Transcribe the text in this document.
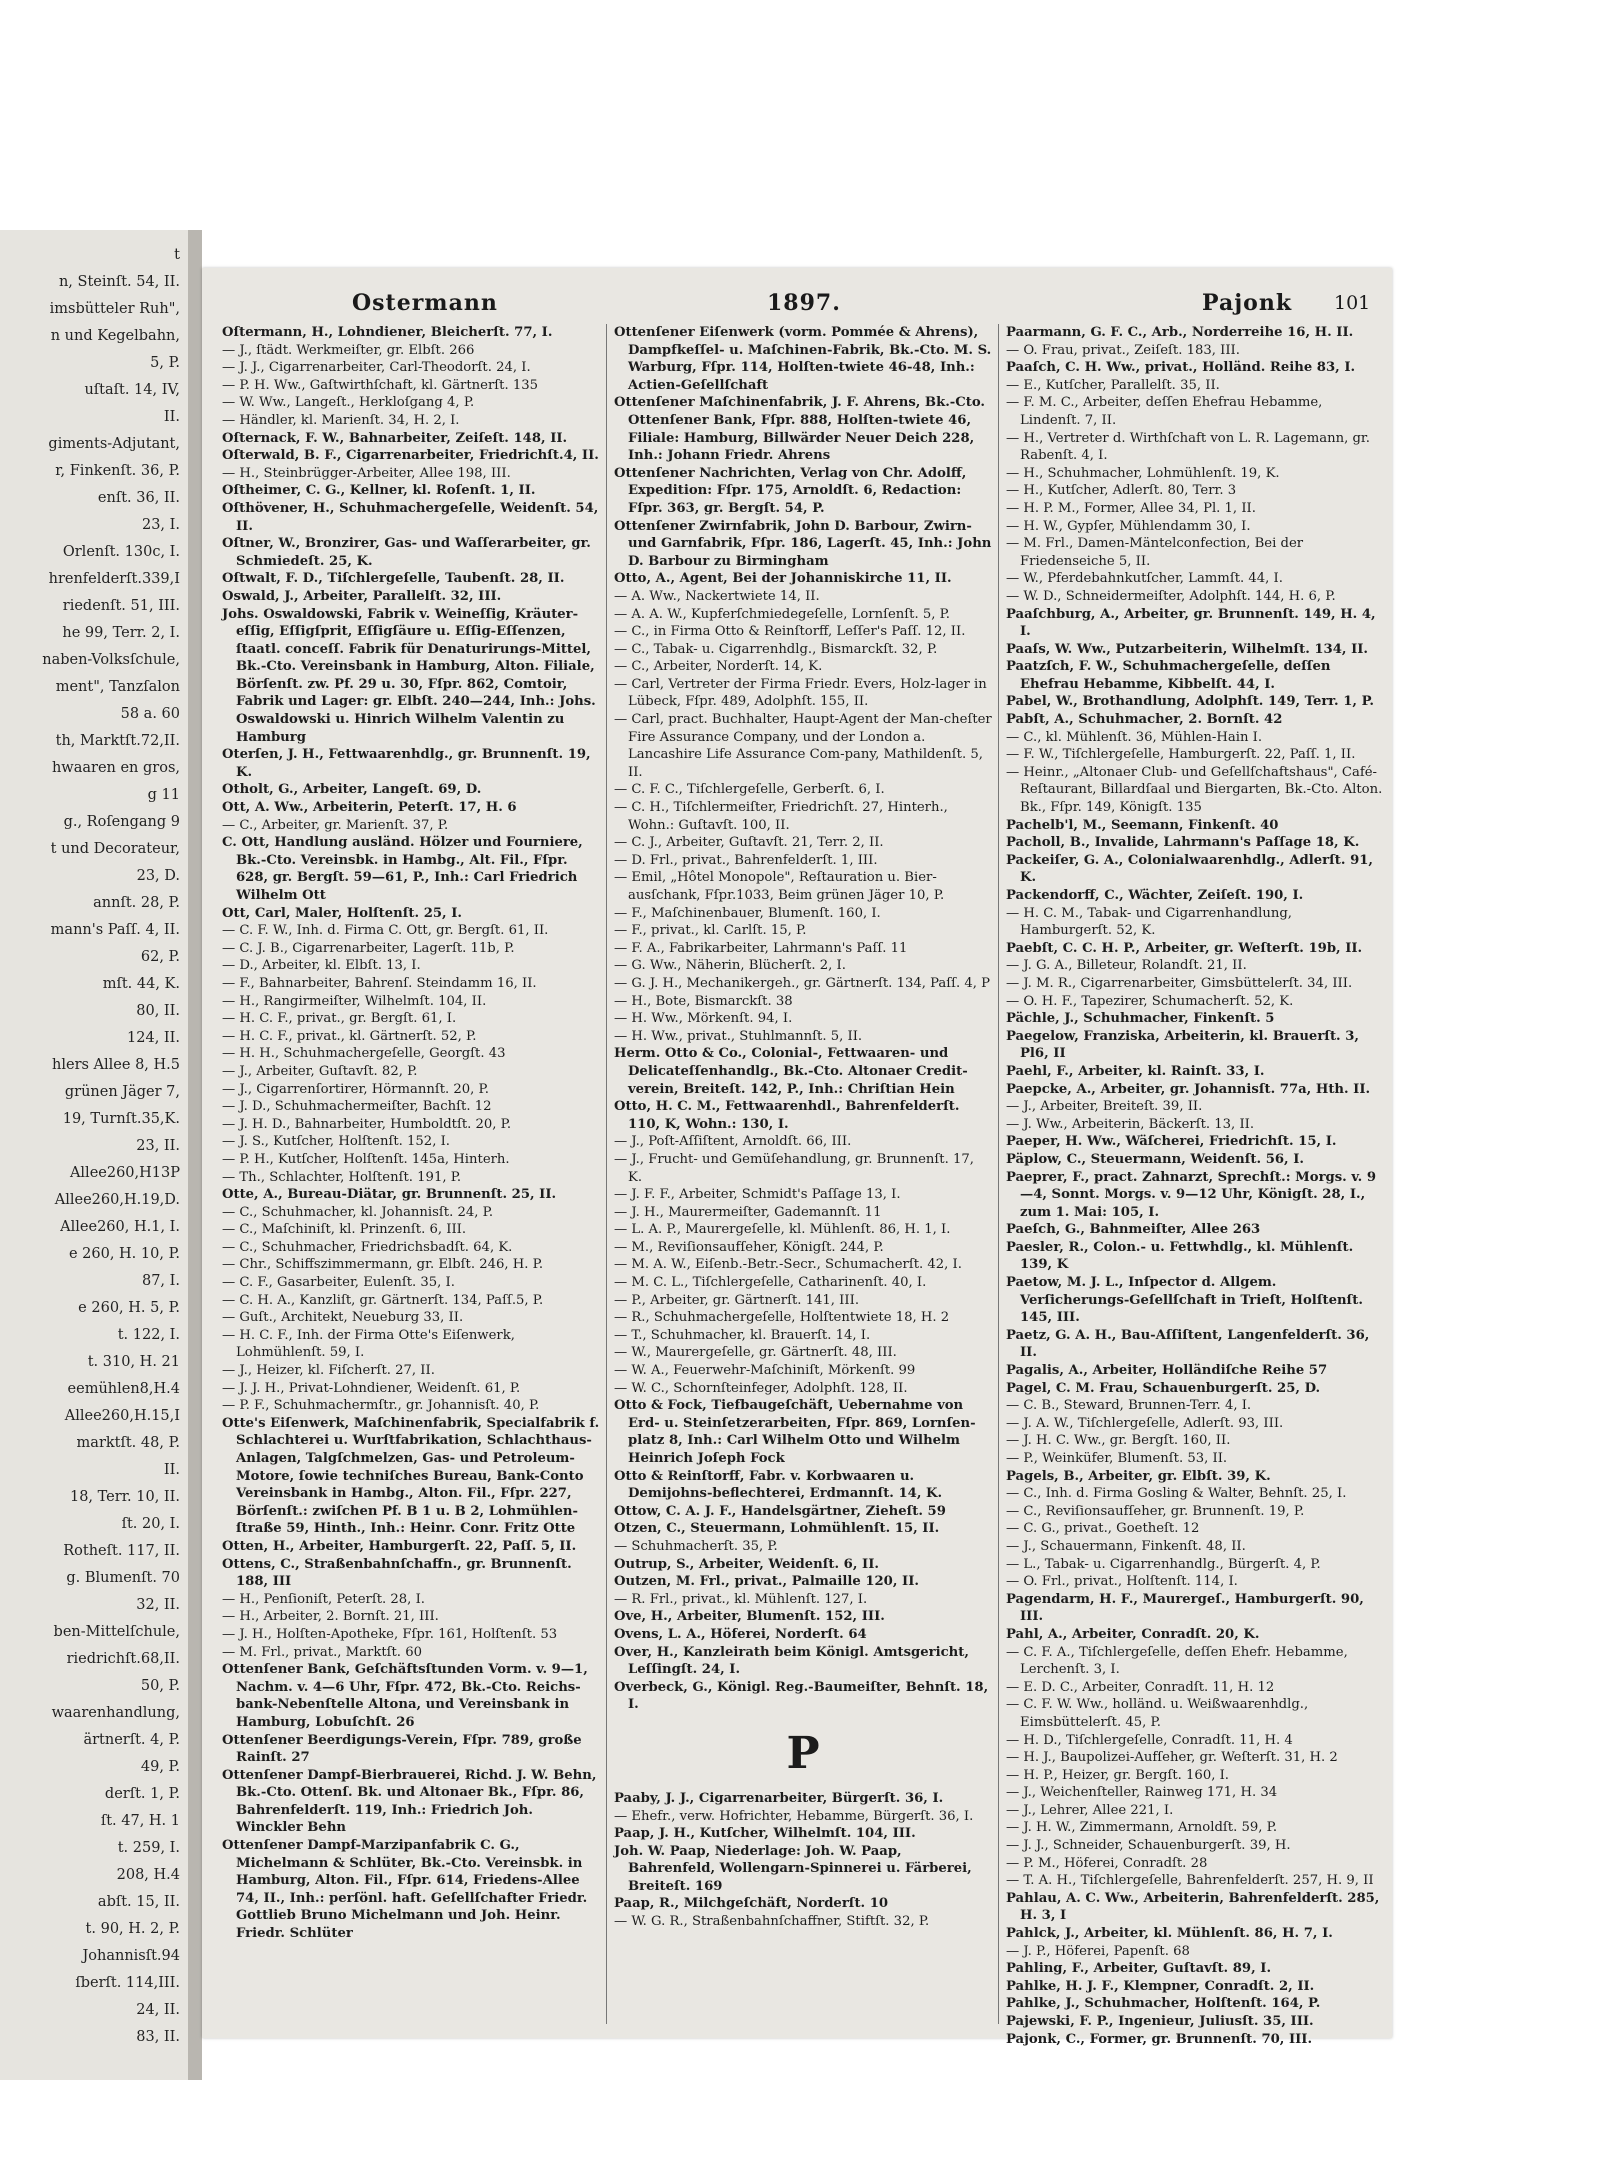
t
n, Steinſt. 54, II.
imsbütteler Ruh",
n und Kegelbahn,
5, P.
uſtaſt. 14, IV,
II.
giments-Adjutant,
r, Finkenſt. 36, P.
enſt. 36, II.
23, I.
Orlenſt. 130c, I.
hrenfelderſt.339,I
riedenſt. 51, III.
he 99, Terr. 2, I.
naben-Volksſchule,
ment", Tanzſalon
58 a. 60
th, Marktſt.72,II.
hwaaren en gros,
g 11
g., Roſengang 9
t und Decorateur,
23, D.
annſt. 28, P.
mann's Paſſ. 4, II.
62, P.
mſt. 44, K.
80, II.
124, II.
hlers Allee 8, H.5
grünen Jäger 7,
19, Turnſt.35,K.
23, II.
Allee260,H13P
Allee260,H.19,D.
Allee260, H.1, I.
e 260, H. 10, P.
87, I.
e 260, H. 5, P.
t. 122, I.
t. 310, H. 21
eemühlen8,H.4
Allee260,H.15,I
marktſt. 48, P.
II.
18, Terr. 10, II.
ſt. 20, I.
Rotheſt. 117, II.
g. Blumenſt. 70
32, II.
ben-Mittelſchule,
riedrichſt.68,II.
50, P.
waarenhandlung,
ärtnerſt. 4, P.
49, P.
derſt. 1, P.
ſt. 47, H. 1
t. 259, I.
208, H.4
abſt. 15, II.
t. 90, H. 2, P.
Johannisſt.94
ſberſt. 114,III.
24, II.
83, II.
Ostermann	1897.	Pajonk 101

Oſtermann, H., Lohndiener, Bleicherſt. 77, I.

— J., ſtädt. Werkmeiſter, gr. Elbſt. 266

— J. J., Cigarrenarbeiter, Carl-Theodorſt. 24, I.

— P. H. Ww., Gaſtwirthſchaft, kl. Gärtnerſt. 135

— W. Ww., Langeſt., Herkloſgang 4, P.

— Händler, kl. Marienſt. 34, H. 2, I.

Oſternack, F. W., Bahnarbeiter, Zeiſeſt. 148, II.

Oſterwald, B. F., Cigarrenarbeiter, Friedrichſt.4, II.

— H., Steinbrügger-Arbeiter, Allee 198, III.

Oſtheimer, C. G., Kellner, kl. Roſenſt. 1, II.

Oſthövener, H., Schuhmachergeſelle, Weidenſt. 54, II.

Oſtner, W., Bronzirer, Gas- und Waſſerarbeiter, gr. Schmiedeſt. 25, K.

Oſtwalt, F. D., Tiſchlergeſelle, Taubenſt. 28, II.

Oswald, J., Arbeiter, Parallelſt. 32, III.

Johs. Oswaldowski, Fabrik v. Weineſſig, Kräuter-eſſig, Eſſigſprit, Eſſigſäure u. Eſſig-Eſſenzen, ſtaatl. conceſſ. Fabrik für Denaturirungs-Mittel, Bk.-Cto. Vereinsbank in Hamburg, Alton. Filiale, Börſenſt. zw. Pf. 29 u. 30, Fſpr. 862, Comtoir, Fabrik und Lager: gr. Elbſt. 240—244, Inh.: Johs. Oswaldowski u. Hinrich Wilhelm Valentin zu Hamburg

Oterſen, J. H., Fettwaarenhdlg., gr. Brunnenſt. 19, K.

Otholt, G., Arbeiter, Langeſt. 69, D.

Ott, A. Ww., Arbeiterin, Peterſt. 17, H. 6

— C., Arbeiter, gr. Marienſt. 37, P.

C. Ott, Handlung ausländ. Hölzer und Fourniere, Bk.-Cto. Vereinsbk. in Hambg., Alt. Fil., Fſpr. 628, gr. Bergſt. 59—61, P., Inh.: Carl Friedrich Wilhelm Ott

Ott, Carl, Maler, Holſtenſt. 25, I.

— C. F. W., Inh. d. Firma C. Ott, gr. Bergſt. 61, II.

— C. J. B., Cigarrenarbeiter, Lagerſt. 11b, P.

— D., Arbeiter, kl. Elbſt. 13, I.

— F., Bahnarbeiter, Bahrenſ. Steindamm 16, II.

— H., Rangirmeiſter, Wilhelmſt. 104, II.

— H. C. F., privat., gr. Bergſt. 61, I.

— H. C. F., privat., kl. Gärtnerſt. 52, P.

— H. H., Schuhmachergeſelle, Georgſt. 43

— J., Arbeiter, Guſtavſt. 82, P.

— J., Cigarrenſortirer, Hörmannſt. 20, P.

— J. D., Schuhmachermeiſter, Bachſt. 12

— J. H. D., Bahnarbeiter, Humboldtſt. 20, P.

— J. S., Kutſcher, Holſtenſt. 152, I.

— P. H., Kutſcher, Holſtenſt. 145a, Hinterh.

— Th., Schlachter, Holſtenſt. 191, P.

Otte, A., Bureau-Diätar, gr. Brunnenſt. 25, II.

— C., Schuhmacher, kl. Johannisſt. 24, P.

— C., Maſchiniſt, kl. Prinzenſt. 6, III.

— C., Schuhmacher, Friedrichsbadſt. 64, K.

— Chr., Schiffszimmermann, gr. Elbſt. 246, H. P.

— C. F., Gasarbeiter, Eulenſt. 35, I.

— C. H. A., Kanzliſt, gr. Gärtnerſt. 134, Paſſ.5, P.

— Guſt., Architekt, Neueburg 33, II.

— H. C. F., Inh. der Firma Otte's Eiſenwerk, Lohmühlenſt. 59, I.

— J., Heizer, kl. Fiſcherſt. 27, II.

— J. J. H., Privat-Lohndiener, Weidenſt. 61, P.

— P. F., Schuhmachermſtr., gr. Johannisſt. 40, P.

Otte's Eiſenwerk, Maſchinenfabrik, Specialfabrik f. Schlachterei u. Wurſtfabrikation, Schlachthaus-Anlagen, Talgſchmelzen, Gas- und Petroleum-Motore, ſowie techniſches Bureau, Bank-Conto Vereinsbank in Hambg., Alton. Fil., Fſpr. 227, Börſenſt.: zwiſchen Pf. B 1 u. B 2, Lohmühlen-ſtraße 59, Hinth., Inh.: Heinr. Conr. Fritz Otte

Otten, H., Arbeiter, Hamburgerſt. 22, Paſſ. 5, II.

Ottens, C., Straßenbahnſchaffn., gr. Brunnenſt. 188, III

— H., Penſioniſt, Peterſt. 28, I.

— H., Arbeiter, 2. Bornſt. 21, III.

— J. H., Holſten-Apotheke, Fſpr. 161, Holſtenſt. 53

— M. Frl., privat., Marktſt. 60

Ottenſener Bank, Geſchäftsſtunden Vorm. v. 9—1, Nachm. v. 4—6 Uhr, Fſpr. 472, Bk.-Cto. Reichs-bank-Nebenſtelle Altona, und Vereinsbank in Hamburg, Lobuſchſt. 26

Ottenſener Beerdigungs-Verein, Fſpr. 789, große Rainſt. 27

Ottenſener Dampf-Bierbrauerei, Richd. J. W. Behn, Bk.-Cto. Ottenſ. Bk. und Altonaer Bk., Fſpr. 86, Bahrenfelderſt. 119, Inh.: Friedrich Joh. Winckler Behn

Ottenſener Dampf-Marzipanfabrik C. G., Michelmann & Schlüter, Bk.-Cto. Vereinsbk. in Hamburg, Alton. Fil., Fſpr. 614, Friedens-Allee 74, II., Inh.: perſönl. haft. Geſellſchafter Friedr. Gottlieb Bruno Michelmann und Joh. Heinr. Friedr. Schlüter

Ottenſener Eiſenwerk (vorm. Pommée & Ahrens), Dampfkeſſel- u. Maſchinen-Fabrik, Bk.-Cto. M. S. Warburg, Fſpr. 114, Holſten-twiete 46-48, Inh.: Actien-Geſellſchaft

Ottenſener Maſchinenfabrik, J. F. Ahrens, Bk.-Cto. Ottenſener Bank, Fſpr. 888, Holſten-twiete 46, Filiale: Hamburg, Billwärder Neuer Deich 228, Inh.: Johann Friedr. Ahrens

Ottenſener Nachrichten, Verlag von Chr. Adolff, Expedition: Fſpr. 175, Arnoldſt. 6, Redaction: Fſpr. 363, gr. Bergſt. 54, P.

Ottenſener Zwirnfabrik, John D. Barbour, Zwirn- und Garnfabrik, Fſpr. 186, Lagerſt. 45, Inh.: John D. Barbour zu Birmingham

Otto, A., Agent, Bei der Johanniskirche 11, II.

— A. Ww., Nackertwiete 14, II.

— A. A. W., Kupferſchmiedegeſelle, Lornſenſt. 5, P.

— C., in Firma Otto & Reinſtorff, Leſſer's Paſſ. 12, II.

— C., Tabak- u. Cigarrenhdlg., Bismarckſt. 32, P.

— C., Arbeiter, Norderſt. 14, K.

— Carl, Vertreter der Firma Friedr. Evers, Holz-lager in Lübeck, Fſpr. 489, Adolphſt. 155, II.

— Carl, pract. Buchhalter, Haupt-Agent der Man-cheſter Fire Assurance Company, und der London a. Lancashire Life Assurance Com-pany, Mathildenſt. 5, II.

— C. F. C., Tiſchlergeſelle, Gerberſt. 6, I.

— C. H., Tiſchlermeiſter, Friedrichſt. 27, Hinterh., Wohn.: Guſtavſt. 100, II.

— C. J., Arbeiter, Guſtavſt. 21, Terr. 2, II.

— D. Frl., privat., Bahrenfelderſt. 1, III.

— Emil, „Hôtel Monopole", Reſtauration u. Bier-ausſchank, Fſpr.1033, Beim grünen Jäger 10, P.

— F., Maſchinenbauer, Blumenſt. 160, I.

— F., privat., kl. Carlſt. 15, P.

— F. A., Fabrikarbeiter, Lahrmann's Paſſ. 11

— G. Ww., Näherin, Blücherſt. 2, I.

— G. J. H., Mechanikergeh., gr. Gärtnerſt. 134, Paſſ. 4, P

— H., Bote, Bismarckſt. 38

— H. Ww., Mörkenſt. 94, I.

— H. Ww., privat., Stuhlmannſt. 5, II.

Herm. Otto & Co., Colonial-, Fettwaaren- und Delicateſſenhandlg., Bk.-Cto. Altonaer Credit-verein, Breiteſt. 142, P., Inh.: Chriſtian Hein

Otto, H. C. M., Fettwaarenhdl., Bahrenfelderſt. 110, K, Wohn.: 130, I.

— J., Poſt-Aſſiſtent, Arnoldſt. 66, III.

— J., Frucht- und Gemüſehandlung, gr. Brunnenſt. 17, K.

— J. F. F., Arbeiter, Schmidt's Paſſage 13, I.

— J. H., Maurermeiſter, Gademannſt. 11

— L. A. P., Maurergeſelle, kl. Mühlenſt. 86, H. 1, I.

— M., Reviſionsaufſeher, Königſt. 244, P.

— M. A. W., Eiſenb.-Betr.-Secr., Schumacherſt. 42, I.

— M. C. L., Tiſchlergeſelle, Catharinenſt. 40, I.

— P., Arbeiter, gr. Gärtnerſt. 141, III.

— R., Schuhmachergeſelle, Holſtentwiete 18, H. 2

— T., Schuhmacher, kl. Brauerſt. 14, I.

— W., Maurergeſelle, gr. Gärtnerſt. 48, III.

— W. A., Feuerwehr-Maſchiniſt, Mörkenſt. 99

— W. C., Schornſteinfeger, Adolphſt. 128, II.

Otto & Fock, Tiefbaugeſchäft, Uebernahme von Erd- u. Steinſetzerarbeiten, Fſpr. 869, Lornſen-platz 8, Inh.: Carl Wilhelm Otto und Wilhelm Heinrich Joſeph Fock

Otto & Reinſtorff, Fabr. v. Korbwaaren u. Demijohns-beflechterei, Erdmannſt. 14, K.

Ottow, C. A. J. F., Handelsgärtner, Zieheſt. 59

Otzen, C., Steuermann, Lohmühlenſt. 15, II.

— Schuhmacherſt. 35, P.

Outrup, S., Arbeiter, Weidenſt. 6, II.

Outzen, M. Frl., privat., Palmaille 120, II.

— R. Frl., privat., kl. Mühlenſt. 127, I.

Ove, H., Arbeiter, Blumenſt. 152, III.

Ovens, L. A., Höferei, Norderſt. 64

Over, H., Kanzleirath beim Königl. Amtsgericht, Leſſingſt. 24, I.

Overbeck, G., Königl. Reg.-Baumeiſter, Behnſt. 18, I.

P

Paaby, J. J., Cigarrenarbeiter, Bürgerſt. 36, I.

— Ehefr., verw. Hofrichter, Hebamme, Bürgerſt. 36, I.

Paap, J. H., Kutſcher, Wilhelmſt. 104, III.

Joh. W. Paap, Niederlage: Joh. W. Paap, Bahrenfeld, Wollengarn-Spinnerei u. Färberei, Breiteſt. 169

Paap, R., Milchgeſchäft, Norderſt. 10

— W. G. R., Straßenbahnſchaffner, Stiftſt. 32, P.

Paarmann, G. F. C., Arb., Norderreihe 16, H. II.

— O. Frau, privat., Zeiſeſt. 183, III.

Paaſch, C. H. Ww., privat., Holländ. Reihe 83, I.

— E., Kutſcher, Parallelſt. 35, II.

— F. M. C., Arbeiter, deſſen Ehefrau Hebamme, Lindenſt. 7, II.

— H., Vertreter d. Wirthſchaft von L. R. Lagemann, gr. Rabenſt. 4, I.

— H., Schuhmacher, Lohmühlenſt. 19, K.

— H., Kutſcher, Adlerſt. 80, Terr. 3

— H. P. M., Former, Allee 34, Pl. 1, II.

— H. W., Gypſer, Mühlendamm 30, I.

— M. Frl., Damen-Mäntelconfection, Bei der Friedenseiche 5, II.

— W., Pferdebahnkutſcher, Lammſt. 44, I.

— W. D., Schneidermeiſter, Adolphſt. 144, H. 6, P.

Paaſchburg, A., Arbeiter, gr. Brunnenſt. 149, H. 4, I.

Paaſs, W. Ww., Putzarbeiterin, Wilhelmſt. 134, II.

Paatzſch, F. W., Schuhmachergeſelle, deſſen Ehefrau Hebamme, Kibbelſt. 44, I.

Pabel, W., Brothandlung, Adolphſt. 149, Terr. 1, P.

Pabſt, A., Schuhmacher, 2. Bornſt. 42

— C., kl. Mühlenſt. 36, Mühlen-Hain I.

— F. W., Tiſchlergeſelle, Hamburgerſt. 22, Paſſ. 1, II.

— Heinr., „Altonaer Club- und Geſellſchaftshaus", Café-Reſtaurant, Billardſaal und Biergarten, Bk.-Cto. Alton. Bk., Fſpr. 149, Königſt. 135

Pachelb'l, M., Seemann, Finkenſt. 40

Pacholl, B., Invalide, Lahrmann's Paſſage 18, K.

Packeiſer, G. A., Colonialwaarenhdlg., Adlerſt. 91, K.

Packendorff, C., Wächter, Zeiſeſt. 190, I.

— H. C. M., Tabak- und Cigarrenhandlung, Hamburgerſt. 52, K.

Paebſt, C. C. H. P., Arbeiter, gr. Weſterſt. 19b, II.

— J. G. A., Billeteur, Rolandſt. 21, II.

— J. M. R., Cigarrenarbeiter, Gimsbüttelerſt. 34, III.

— O. H. F., Tapezirer, Schumacherſt. 52, K.

Pächle, J., Schuhmacher, Finkenſt. 5

Paegelow, Franziska, Arbeiterin, kl. Brauerſt. 3, Pl6, II

Paehl, F., Arbeiter, kl. Rainſt. 33, I.

Paepcke, A., Arbeiter, gr. Johannisſt. 77a, Hth. II.

— J., Arbeiter, Breiteſt. 39, II.

— J. Ww., Arbeiterin, Bäckerſt. 13, II.

Paeper, H. Ww., Wäſcherei, Friedrichſt. 15, I.

Päplow, C., Steuermann, Weidenſt. 56, I.

Paeprer, F., pract. Zahnarzt, Sprechſt.: Morgs. v. 9—4, Sonnt. Morgs. v. 9—12 Uhr, Königſt. 28, I., zum 1. Mai: 105, I.

Paeſch, G., Bahnmeiſter, Allee 263

Paesler, R., Colon.- u. Fettwhdlg., kl. Mühlenſt. 139, K

Paetow, M. J. L., Inſpector d. Allgem. Verſicherungs-Geſellſchaft in Trieſt, Holſtenſt. 145, III.

Paetz, G. A. H., Bau-Aſſiſtent, Langenfelderſt. 36, II.

Pagalis, A., Arbeiter, Holländiſche Reihe 57

Pagel, C. M. Frau, Schauenburgerſt. 25, D.

— C. B., Steward, Brunnen-Terr. 4, I.

— J. A. W., Tiſchlergeſelle, Adlerſt. 93, III.

— J. H. C. Ww., gr. Bergſt. 160, II.

— P., Weinküfer, Blumenſt. 53, II.

Pagels, B., Arbeiter, gr. Elbſt. 39, K.

— C., Inh. d. Firma Gosling & Walter, Behnſt. 25, I.

— C., Reviſionsaufſeher, gr. Brunnenſt. 19, P.

— C. G., privat., Goetheſt. 12

— J., Schauermann, Finkenſt. 48, II.

— L., Tabak- u. Cigarrenhandlg., Bürgerſt. 4, P.

— O. Frl., privat., Holſtenſt. 114, I.

Pagendarm, H. F., Maurergeſ., Hamburgerſt. 90, III.

Pahl, A., Arbeiter, Conradſt. 20, K.

— C. F. A., Tiſchlergeſelle, deſſen Ehefr. Hebamme, Lerchenſt. 3, I.

— E. D. C., Arbeiter, Conradſt. 11, H. 12

— C. F. W. Ww., holländ. u. Weißwaarenhdlg., Eimsbüttelerſt. 45, P.

— H. D., Tiſchlergeſelle, Conradſt. 11, H. 4

— H. J., Baupolizei-Aufſeher, gr. Weſterſt. 31, H. 2

— H. P., Heizer, gr. Bergſt. 160, I.

— J., Weichenſteller, Rainweg 171, H. 34

— J., Lehrer, Allee 221, I.

— J. H. W., Zimmermann, Arnoldſt. 59, P.

— J. J., Schneider, Schauenburgerſt. 39, H.

— P. M., Höferei, Conradſt. 28

— T. A. H., Tiſchlergeſelle, Bahrenfelderſt. 257, H. 9, II

Pahlau, A. C. Ww., Arbeiterin, Bahrenfelderſt. 285, H. 3, I

Pahlck, J., Arbeiter, kl. Mühlenſt. 86, H. 7, I.

— J. P., Höferei, Papenſt. 68

Pahling, F., Arbeiter, Guſtavſt. 89, I.

Pahlke, H. J. F., Klempner, Conradſt. 2, II.

Pahlke, J., Schuhmacher, Holſtenſt. 164, P.

Pajewski, F. P., Ingenieur, Juliusſt. 35, III.

Pajonk, C., Former, gr. Brunnenſt. 70, III.
